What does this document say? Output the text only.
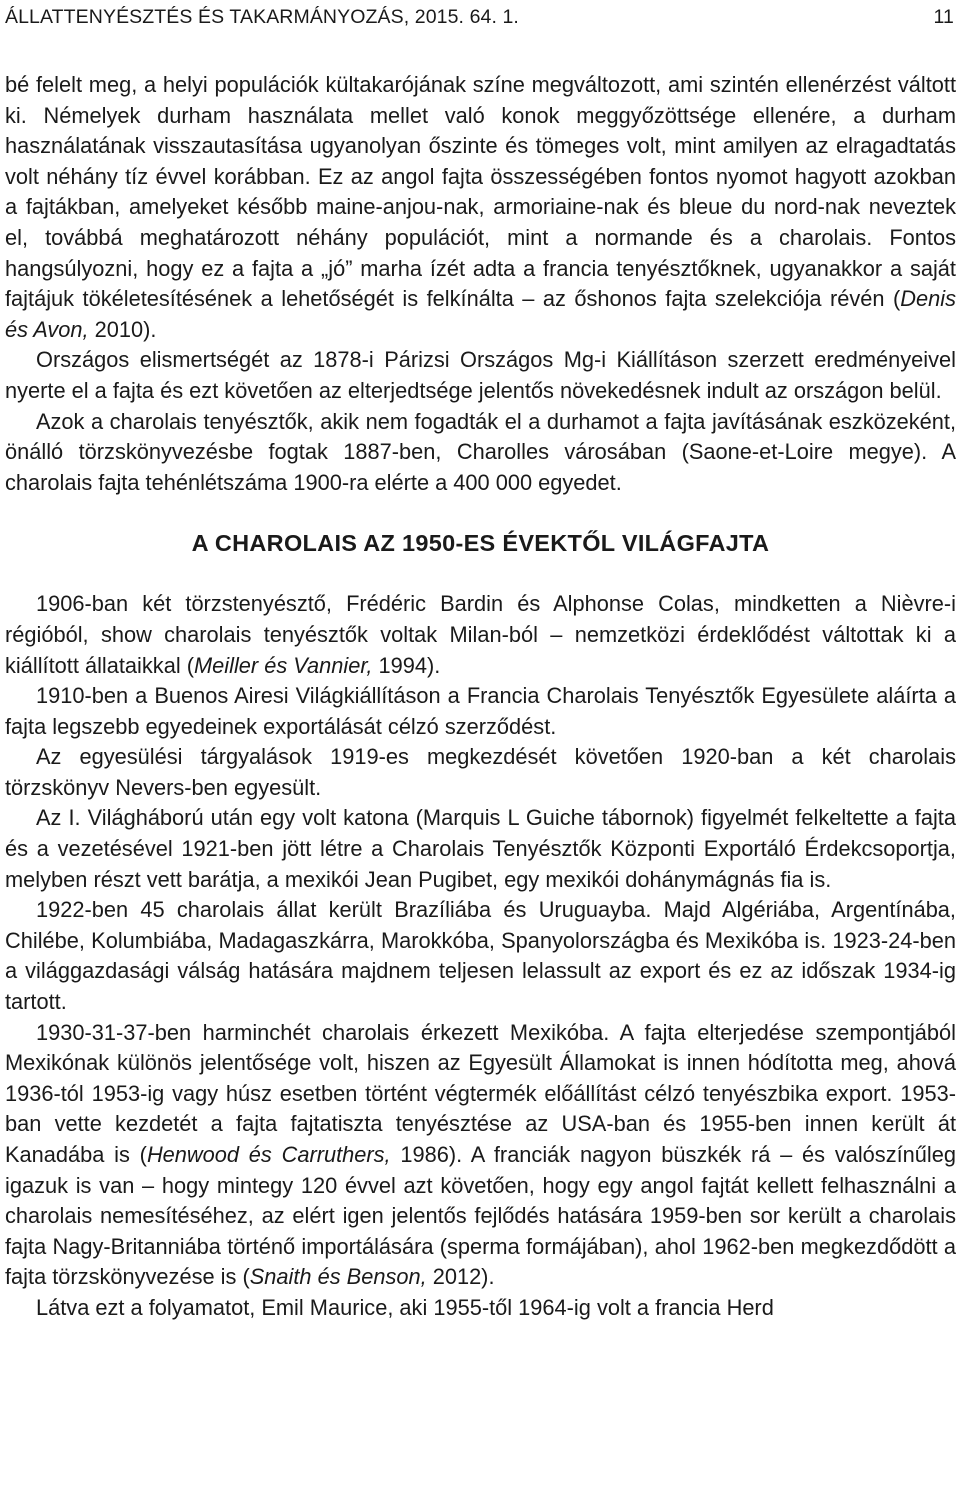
ÁLLATTENYÉSZTÉS ÉS TAKARMÁNYOZÁS, 2015. 64. 1.	11

bé felelt meg, a helyi populációk kültakarójának színe megváltozott, ami szintén ellenérzést váltott ki. Némelyek durham használata mellet való konok meggyőzöttsége ellenére, a durham használatának visszautasítása ugyanolyan őszinte és tömeges volt, mint amilyen az elragadtatás volt néhány tíz évvel korábban. Ez az angol fajta összességében fontos nyomot hagyott azokban a fajtákban, amelyeket később maine-anjou-nak, armoriaine-nak és bleue du nord-nak neveztek el, továbbá meghatározott néhány populációt, mint a normande és a charolais. Fontos hangsúlyozni, hogy ez a fajta a „jó” marha ízét adta a francia tenyésztőknek, ugyanakkor a saját fajtájuk tökéletesítésének a lehetőségét is felkínálta – az őshonos fajta szelekciója révén (Denis és Avon, 2010).

Országos elismertségét az 1878-i Párizsi Országos Mg-i Kiállításon szerzett eredményeivel nyerte el a fajta és ezt követően az elterjedtsége jelentős növekedésnek indult az országon belül.

Azok a charolais tenyésztők, akik nem fogadták el a durhamot a fajta javításának eszközeként, önálló törzskönyvezésbe fogtak 1887-ben, Charolles városában (Saone-et-Loire megye). A charolais fajta tehénlétszáma 1900-ra elérte a 400 000 egyedet.

A CHAROLAIS AZ 1950-ES ÉVEKTŐL VILÁGFAJTA

1906-ban két törzstenyésztő, Frédéric Bardin és Alphonse Colas, mindketten a Nièvre-i régióból, show charolais tenyésztők voltak Milan-ból – nemzetközi érdeklődést váltottak ki a kiállított állataikkal (Meiller és Vannier, 1994).

1910-ben a Buenos Airesi Világkiállításon a Francia Charolais Tenyésztők Egyesülete aláírta a fajta legszebb egyedeinek exportálását célzó szerződést.

Az egyesülési tárgyalások 1919-es megkezdését követően 1920-ban a két charolais törzskönyv Nevers-ben egyesült.

Az I. Világháború után egy volt katona (Marquis L Guiche tábornok) figyelmét felkeltette a fajta és a vezetésével 1921-ben jött létre a Charolais Tenyésztők Központi Exportáló Érdekcsoportja, melyben részt vett barátja, a mexikói Jean Pugibet, egy mexikói dohánymágnás fia is.

1922-ben 45 charolais állat került Brazíliába és Uruguayba. Majd Algériába, Argentínába, Chilébe, Kolumbiába, Madagaszkárra, Marokkóba, Spanyolországba és Mexikóba is. 1923-24-ben a világgazdasági válság hatására majdnem teljesen lelassult az export és ez az időszak 1934-ig tartott.

1930-31-37-ben harminchét charolais érkezett Mexikóba. A fajta elterjedése szempontjából Mexikónak különös jelentősége volt, hiszen az Egyesült Államokat is innen hódította meg, ahová 1936-tól 1953-ig vagy húsz esetben történt végtermék előállítást célzó tenyészbika export. 1953-ban vette kezdetét a fajta fajtatiszta tenyésztése az USA-ban és 1955-ben innen került át Kanadába is (Henwood és Carruthers, 1986). A franciák nagyon büszkék rá – és valószínűleg igazuk is van – hogy mintegy 120 évvel azt követően, hogy egy angol fajtát kellett felhasználni a charolais nemesítéséhez, az elért igen jelentős fejlődés hatására 1959-ben sor került a charolais fajta Nagy-Britanniába történő importálására (sperma formájában), ahol 1962-ben megkezdődött a fajta törzskönyvezése is (Snaith és Benson, 2012).

Látva ezt a folyamatot, Emil Maurice, aki 1955-től 1964-ig volt a francia Herd
